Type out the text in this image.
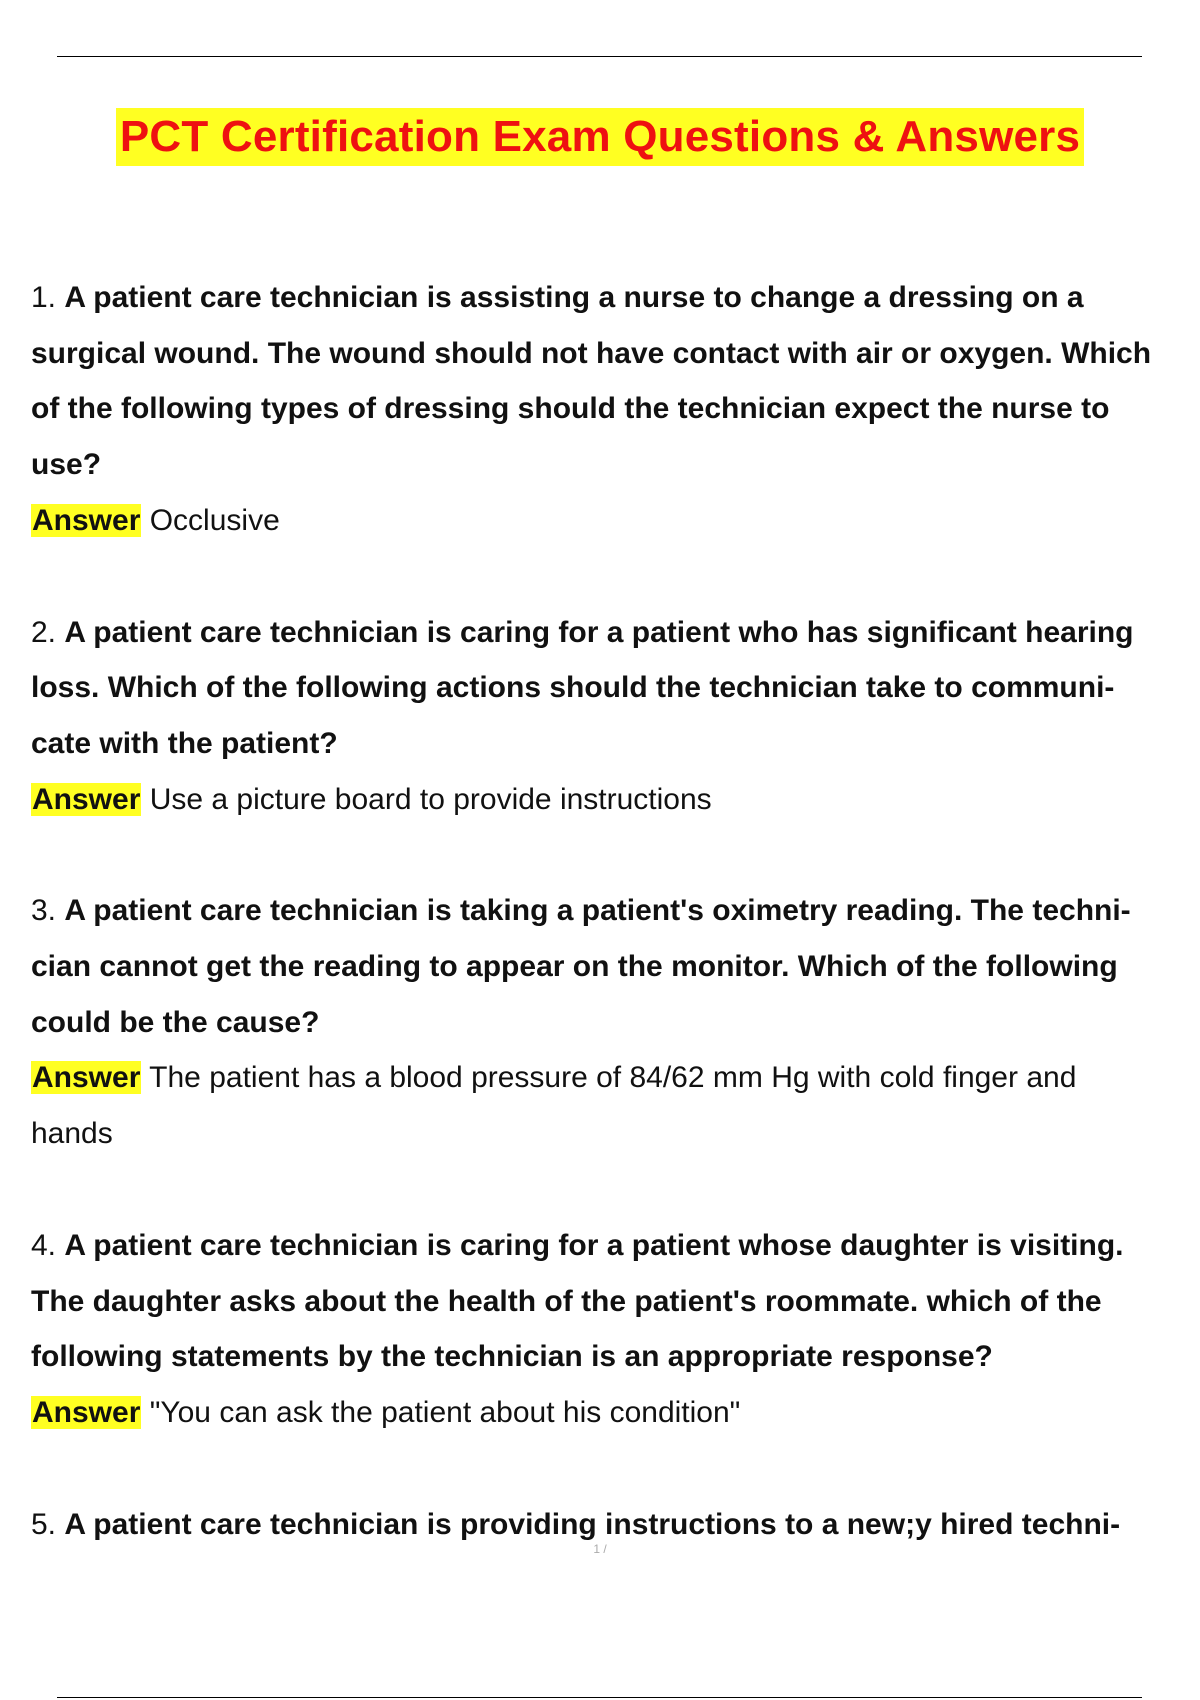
PCT Certification Exam Questions & Answers

1. A patient care technician is assisting a nurse to change a dressing on a
surgical wound. The wound should not have contact with air or oxygen. Which
of the following types of dressing should the technician expect the nurse to
use?

Answer Occlusive

2. A patient care technician is caring for a patient who has significant hearing
loss. Which of the following actions should the technician take to communi-
cate with the patient?

Answer Use a picture board to provide instructions

3. A patient care technician is taking a patient's oximetry reading. The techni-
cian cannot get the reading to appear on the monitor. Which of the following
could be the cause?

Answer The patient has a blood pressure of 84/62 mm Hg with cold finger and
hands

4. A patient care technician is caring for a patient whose daughter is visiting.
The daughter asks about the health of the patient's roommate. which of the
following statements by the technician is an appropriate response?

Answer "You can ask the patient about his condition"

5. A patient care technician is providing instructions to a new;y hired techni-

1 /
